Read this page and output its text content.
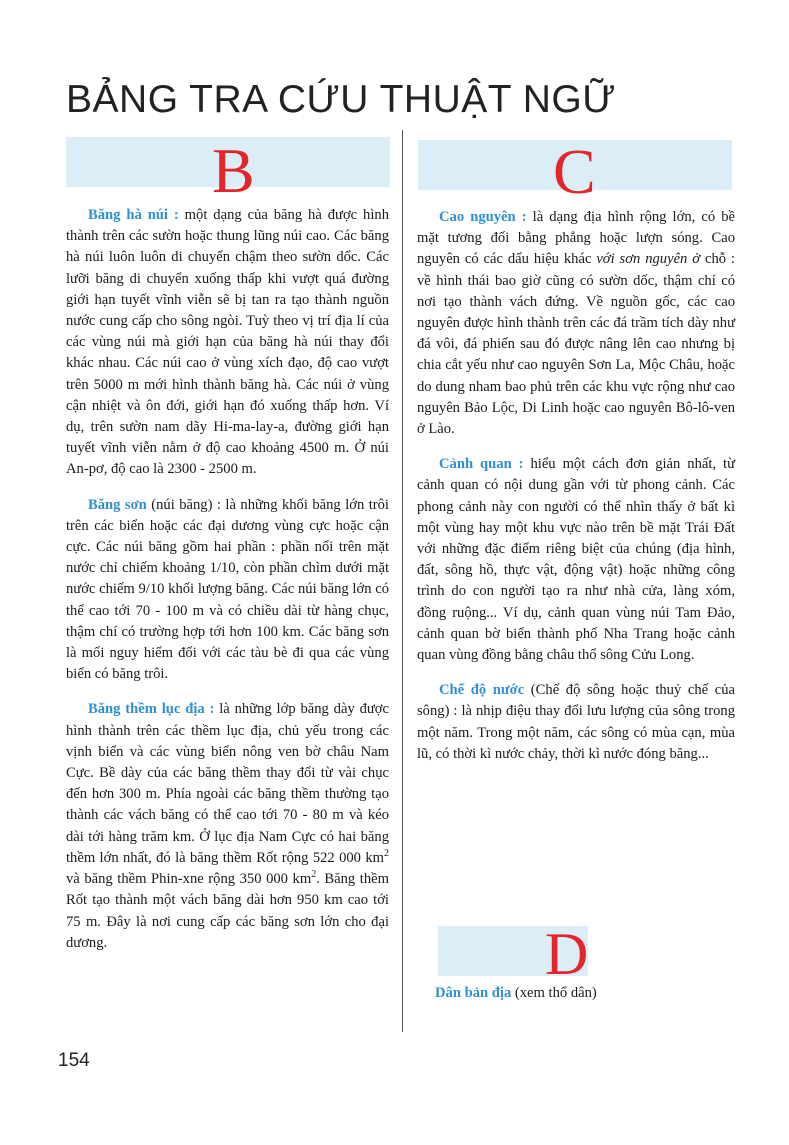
BẢNG TRA CỨU THUẬT NGỮ
B

Băng hà núi : một dạng của băng hà được hình thành trên các sườn hoặc thung lũng núi cao. Các băng hà núi luôn luôn di chuyển chậm theo sườn dốc. Các lưỡi băng di chuyển xuống thấp khi vượt quá đường giới hạn tuyết vĩnh viễn sẽ bị tan ra tạo thành nguồn nước cung cấp cho sông ngòi. Tuỳ theo vị trí địa lí của các vùng núi mà giới hạn của băng hà núi thay đổi khác nhau. Các núi cao ở vùng xích đạo, độ cao vượt trên 5000 m mới hình thành băng hà. Các núi ở vùng cận nhiệt và ôn đới, giới hạn đó xuống thấp hơn. Ví dụ, trên sườn nam dãy Hi-ma-lay-a, đường giới hạn tuyết vĩnh viễn nằm ở độ cao khoảng 4500 m. Ở núi An-pơ, độ cao là 2300 - 2500 m.

Băng sơn (núi băng) : là những khối băng lớn trôi trên các biển hoặc các đại dương vùng cực hoặc cận cực. Các núi băng gồm hai phần : phần nổi trên mặt nước chỉ chiếm khoảng 1/10, còn phần chìm dưới mặt nước chiếm 9/10 khối lượng băng. Các núi băng lớn có thể cao tới 70 - 100 m và có chiều dài từ hàng chục, thậm chí có trường hợp tới hơn 100 km. Các băng sơn là mối nguy hiểm đối với các tàu bè đi qua các vùng biển có băng trôi.

Băng thềm lục địa : là những lớp băng dày được hình thành trên các thềm lục địa, chủ yếu trong các vịnh biển và các vùng biển nông ven bờ châu Nam Cực. Bề dày của các băng thềm thay đổi từ vài chục đến hơn 300 m. Phía ngoài các băng thềm thường tạo thành các vách băng có thể cao tới 70 - 80 m và kéo dài tới hàng trăm km. Ở lục địa Nam Cực có hai băng thềm lớn nhất, đó là băng thềm Rốt rộng 522 000 $km^2$ và băng thềm Phin-xne rộng 350 000 $km^2$. Băng thềm Rốt tạo thành một vách băng dài hơn 950 km cao tới 75 m. Đây là nơi cung cấp các băng sơn lớn cho đại dương.

C

Cao nguyên : là dạng địa hình rộng lớn, có bề mặt tương đối bằng phẳng hoặc lượn sóng. Cao nguyên có các dấu hiệu khác với sơn nguyên ở chỗ : về hình thái bao giờ cũng có sườn dốc, thậm chí có nơi tạo thành vách đứng. Về nguồn gốc, các cao nguyên được hình thành trên các đá trầm tích dày như đá vôi, đá phiến sau đó được nâng lên cao nhưng bị chia cắt yếu như cao nguyên Sơn La, Mộc Châu, hoặc do dung nham bao phủ trên các khu vực rộng như cao nguyên Bảo Lộc, Di Linh hoặc cao nguyên Bô-lô-ven ở Lào.

Cảnh quan : hiểu một cách đơn giản nhất, từ cảnh quan có nội dung gần với từ phong cảnh. Các phong cảnh này con người có thể nhìn thấy ở bất kì một vùng hay một khu vực nào trên bề mặt Trái Đất với những đặc điểm riêng biệt của chúng (địa hình, đất, sông hồ, thực vật, động vật) hoặc những công trình do con người tạo ra như nhà cửa, làng xóm, đồng ruộng... Ví dụ, cảnh quan vùng núi Tam Đảo, cảnh quan bờ biển thành phố Nha Trang hoặc cảnh quan vùng đồng bằng châu thổ sông Cửu Long.

Chế độ nước (Chế độ sông hoặc thuỷ chế của sông) : là nhịp điệu thay đổi lưu lượng của sông trong một năm. Trong một năm, các sông có mùa cạn, mùa lũ, có thời kì nước chảy, thời kì nước đóng băng...

D

Dân bản địa (xem thổ dân)

154
